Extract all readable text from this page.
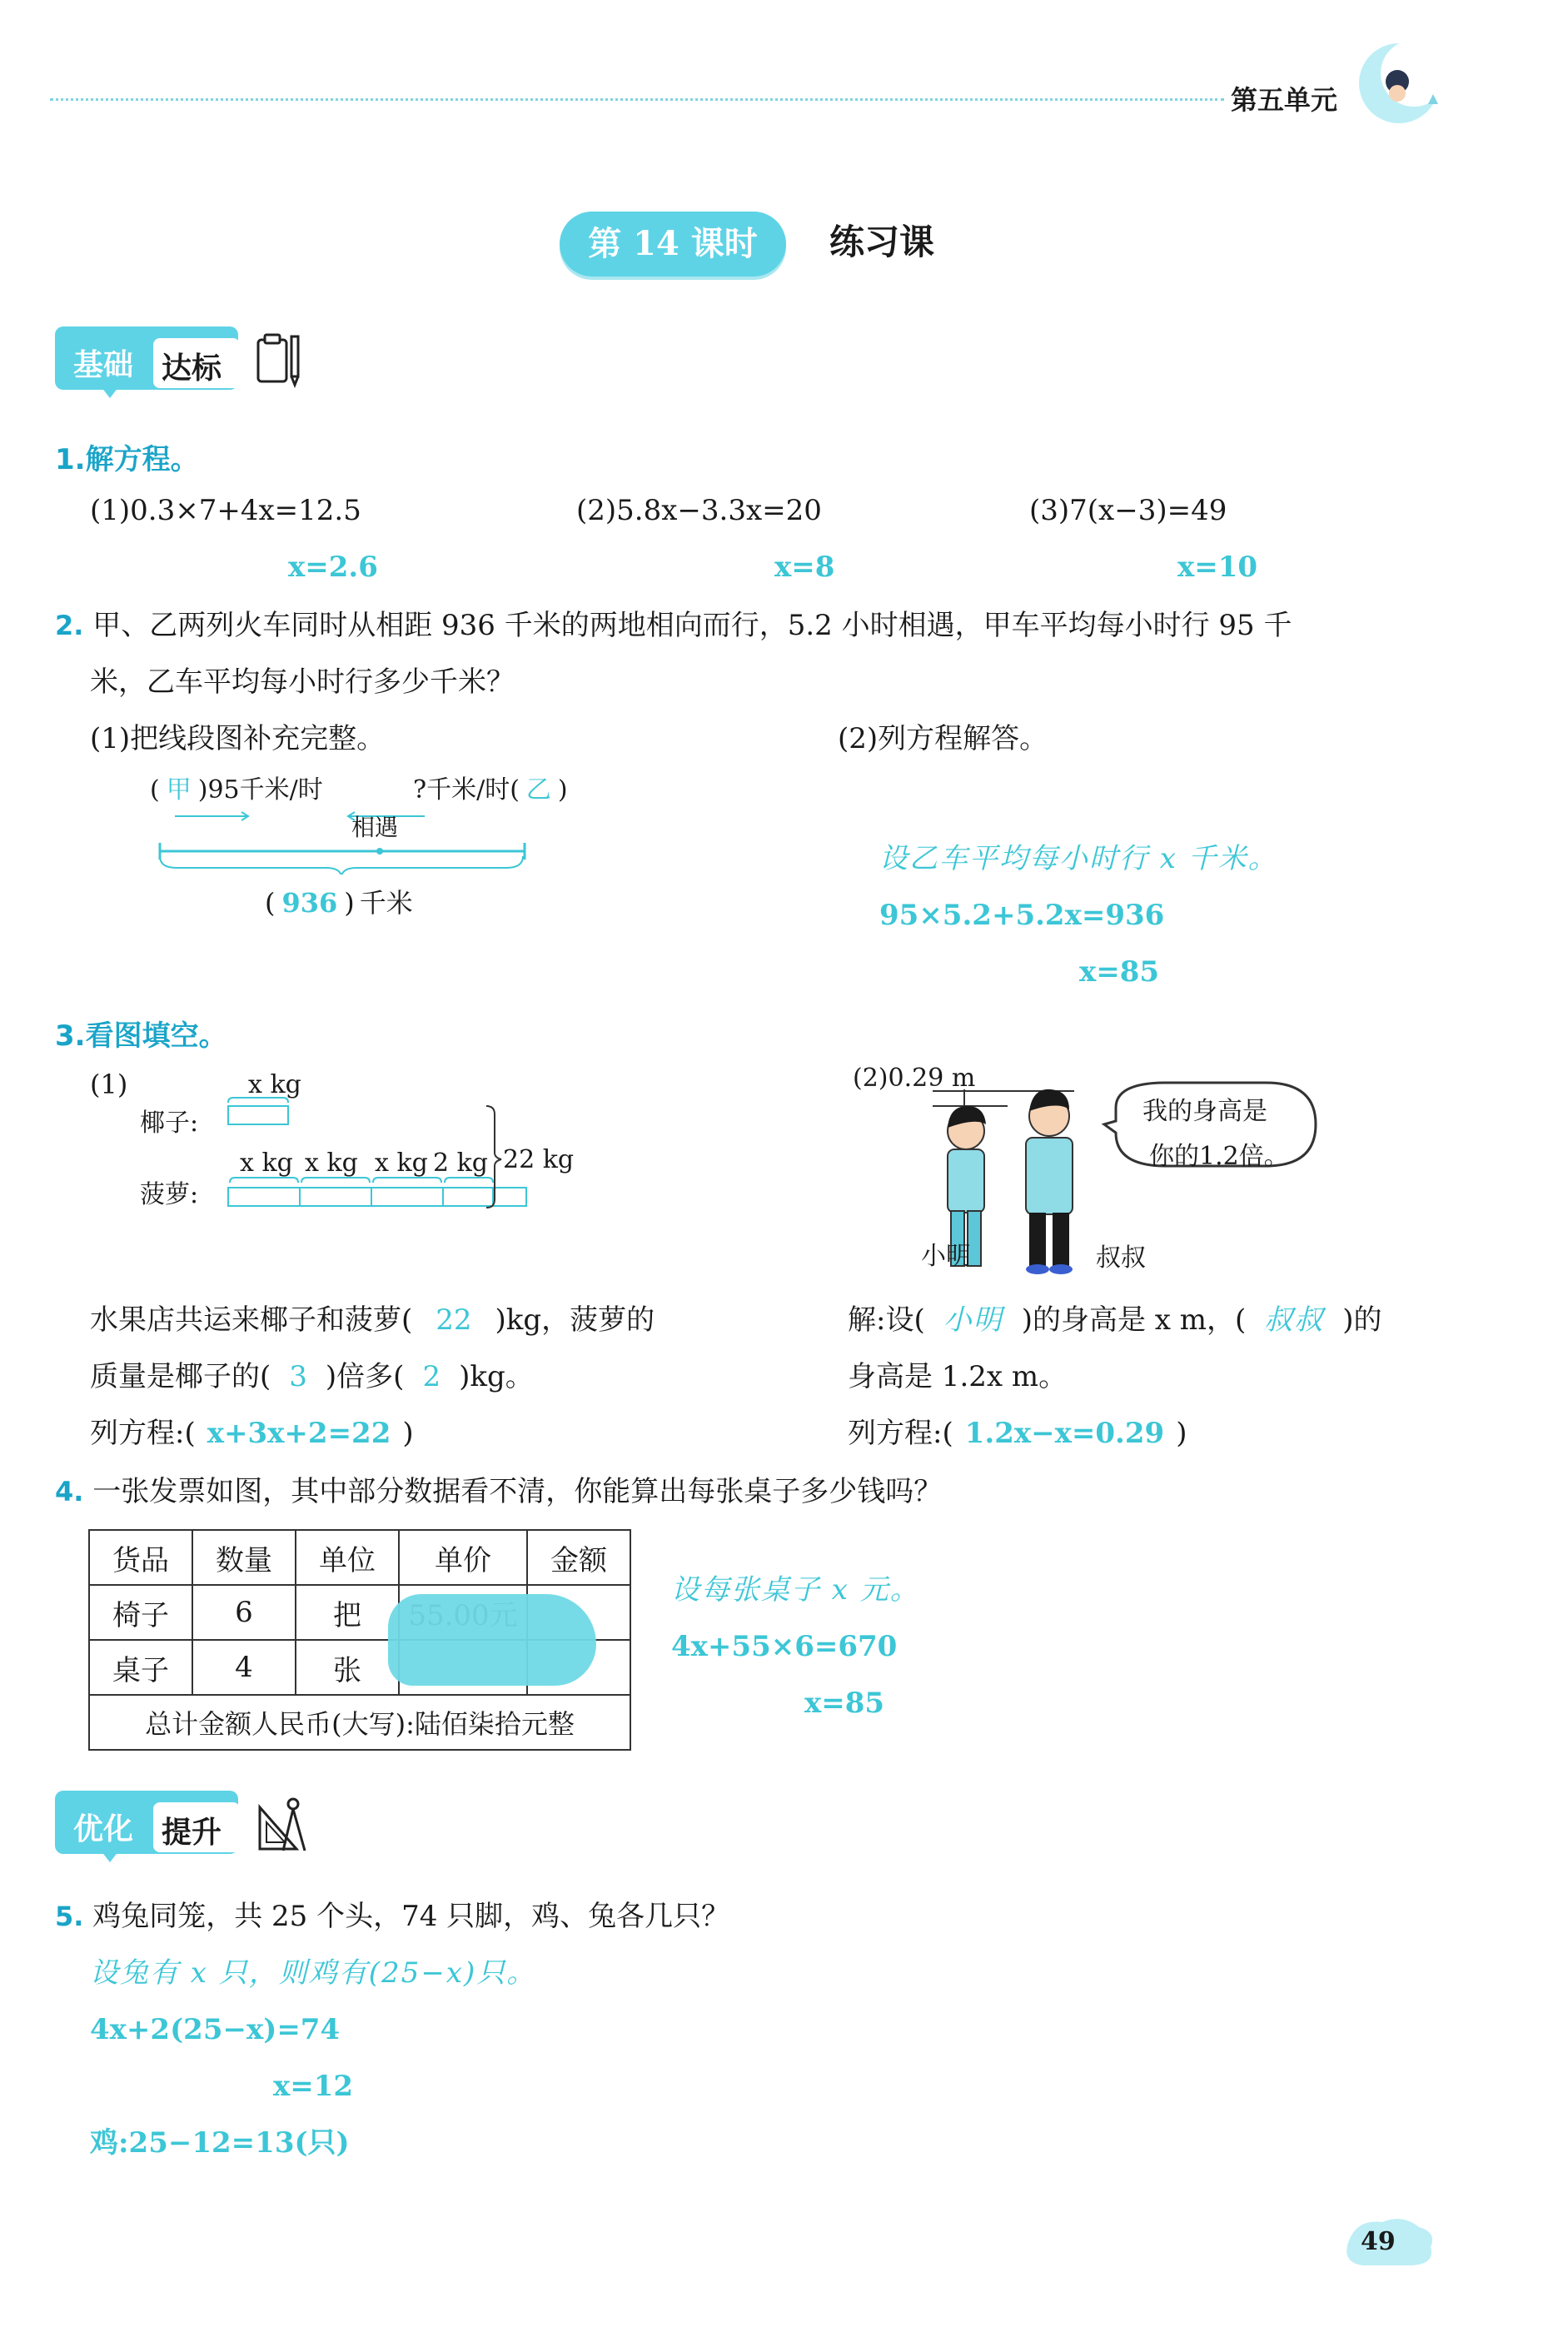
第五单元
第 14 课时	练习课
基础 达标
1.解方程。
(1)0.3×7+4x=12.5	(2)5.8x−3.3x=20	(3)7(x−3)=49
x=2.6	x=8	x=10
2. 甲、乙两列火车同时从相距 936 千米的两地相向而行，5.2 小时相遇，甲车平均每小时行 95 千
米，乙车平均每小时行多少千米？
(1)把线段图补充完整。	(2)列方程解答。
( 甲 )95千米/时	?千米/时( 乙 )
相遇
( 936 ) 千米
设乙车平均每小时行 x 千米。
95×5.2+5.2x=936
x=85
3.看图填空。
(1)	x kg
椰子:
x kg x kg x kg 2 kg
菠萝:
22 kg
水果店共运来椰子和菠萝( 22 )kg，菠萝的
质量是椰子的( 3 )倍多( 2 )kg。
列方程:( x+3x+2=22 )
(2)0.29 m
我的身高是
你的1.2倍。
小明	叔叔
解:设( 小明 )的身高是 x m，( 叔叔 )的
身高是 1.2x m。
列方程:( 1.2x−x=0.29 )
4. 一张发票如图，其中部分数据看不清，你能算出每张桌子多少钱吗？
货品	数量	单位	单价	金额
椅子	6	把		
桌子	4	张		
总计金额人民币(大写):陆佰柒拾元整				
设每张桌子 x 元。
4x+55×6=670
x=85
优化 提升
5. 鸡兔同笼，共 25 个头，74 只脚，鸡、兔各几只？
设兔有 x 只，则鸡有(25−x)只。
4x+2(25−x)=74
x=12
鸡:25−12=13(只)
49
